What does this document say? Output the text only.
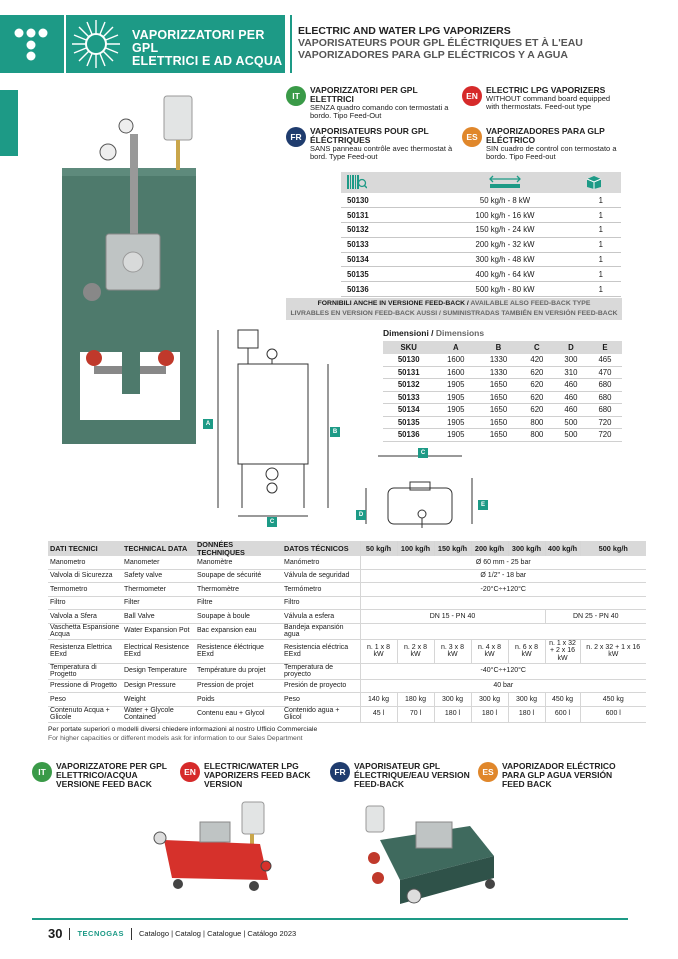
VAPORIZZATORI PER GPL
ELETTRICI E AD ACQUA
ELECTRIC AND WATER LPG VAPORIZERS
VAPORISATEURS POUR GPL ÉLÉCTRIQUES ET À L'EAU
VAPORIZADORES PARA GLP ELÉCTRICOS Y A AGUA
IT
VAPORIZZATORI PER GPL ELETTRICI
SENZA quadro comando con termostati a bordo. Tipo Feed-Out
EN
ELECTRIC LPG VAPORIZERS
WITHOUT command board equipped with thermostats. Feed-out type
FR
VAPORISATEURS POUR GPL ÉLÉCTRIQUES
SANS panneau contrôle avec thermostat à bord. Type Feed-out
ES
VAPORIZADORES PARA GLP ELÉCTRICO
SIN cuadro de control con termostato a bordo. Tipo Feed-out

50130	50 kg/h - 8 kW	1
50131	100 kg/h - 16 kW	1
50132	150 kg/h - 24 kW	1
50133	200 kg/h - 32 kW	1
50134	300 kg/h - 48 kW	1
50135	400 kg/h - 64 kW	1
50136	500 kg/h - 80 kW	1
FORNIBILI ANCHE IN VERSIONE FEED-BACK / AVAILABLE ALSO FEED-BACK TYPE
LIVRABLES EN VERSION FEED-BACK AUSSI / SUMINISTRADAS TAMBIÉN EN VERSIÓN FEED-BACK
Dimensioni / Dimensions
SKU	A	B	C	D	E
50130	1600	1330	420	300	465
50131	1600	1330	620	310	470
50132	1905	1650	620	460	680
50133	1905	1650	620	460	680
50134	1905	1650	620	460	680
50135	1905	1650	800	500	720
50136	1905	1650	800	500	720
A
B
C
D
E
C
DATI TECNICI	TECHNICAL DATA	DONNÉES TECHNIQUES	DATOS TÉCNICOS	50 kg/h	100 kg/h	150 kg/h	200 kg/h	300 kg/h	400 kg/h	500 kg/h
Manometro	Manometer	Manomètre	Manómetro	Ø 60 mm - 25 bar						
Valvola di Sicurezza	Safety valve	Soupape de sécurité	Válvula de seguridad	Ø 1/2" - 18 bar						
Termometro	Thermometer	Thermomètre	Termómetro	-20°C÷+120°C						
Filtro	Filter	Filtre	Filtro							
Valvola a Sfera	Ball Valve	Soupape à boule	Válvula a esfera	DN 15 - PN 40					DN 25 - PN 40	
Vaschetta Espansione Acqua	Water Expansion Pot	Bac expansion eau	Bandeja expansión agua							
Resistenza Elettrica EExd	Electrical Resistence EExd	Resistence éléctrique EExd	Resistencia eléctrica EExd	n. 1 x 8 kW	n. 2 x 8 kW	n. 3 x 8 kW	n. 4 x 8 kW	n. 6 x 8 kW	n. 1 x 32 + 2 x 16 kW	n. 2 x 32 + 1 x 16 kW
Temperatura di Progetto	Design Temperature	Température du projet	Temperatura de proyecto	-40°C÷+120°C						
Pressione di Progetto	Design Pressure	Pression de projet	Presión de proyecto	40 bar						
Peso	Weight	Poids	Peso	140 kg	180 kg	300 kg	300 kg	300 kg	450 kg	450 kg
Contenuto Acqua + Glicole	Water + Glycole Contained	Contenu eau + Glycol	Contenido agua + Glicol	45 l	70 l	180 l	180 l	180 l	600 l	600 l
Per portate superiori o modelli diversi chiedere informazioni al nostro Ufficio Commerciale
For higher capacities or different models ask for information to our Sales Department
IT
VAPORIZZATORE PER GPL ELETTRICO/ACQUA VERSIONE FEED BACK
EN
ELECTRIC/WATER LPG VAPORIZERS FEED BACK VERSION
FR
VAPORISATEUR GPL ÉLECTRIQUE/EAU VERSION FEED-BACK
ES
VAPORIZADOR ELÉCTRICO PARA GLP AGUA VERSIÓN FEED BACK
30 TECNOGAS Catalogo | Catalog | Catalogue | Catálogo 2023
